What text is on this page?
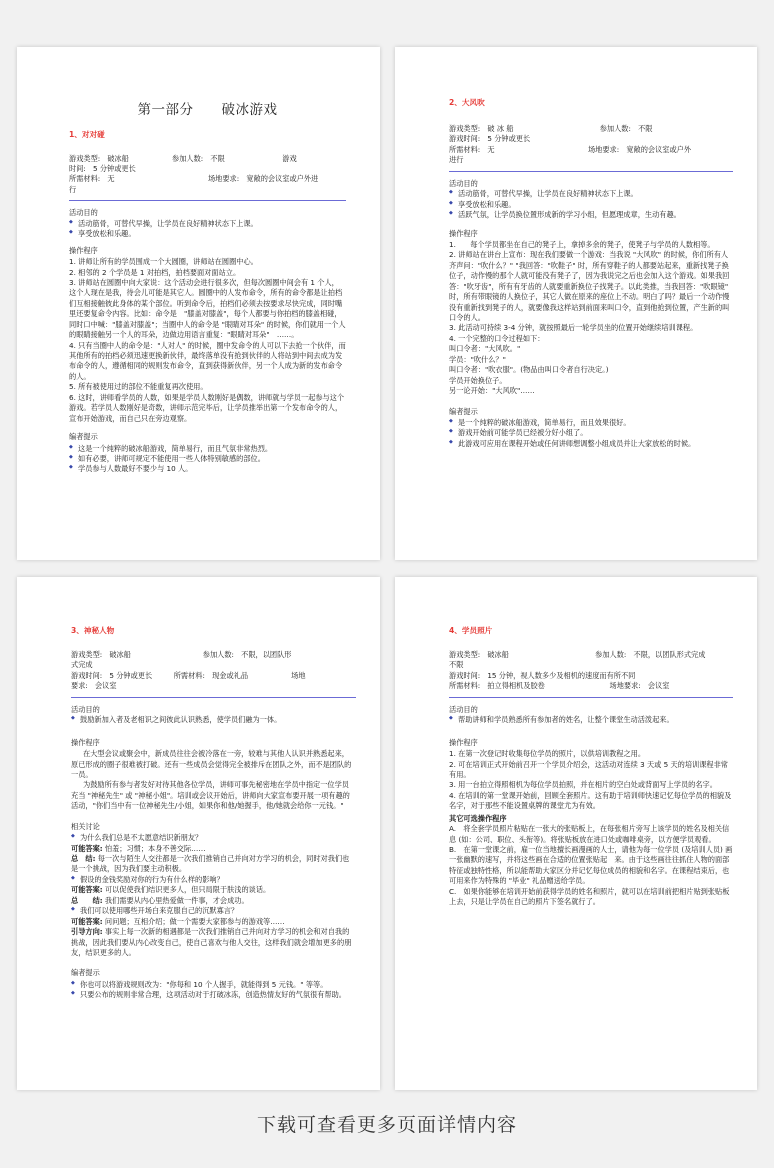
第一部分　　破冰游戏
1、对对碰
游戏类型:　破冰船　　　　　　参加人数:　不限　　　　　　　　游戏
时间:　5 分钟或更长
所需材料:　无　　　　　　　　　　　　　场地要求:　宽敞的会议室或户外进
行
活动目的
◆ 活动筋骨，可替代早操，让学员在良好精神状态下上课。
◆ 享受放松和乐趣。
操作程序
1. 讲师让所有的学员围成一个大圆圈，讲师站在圆圈中心。
2. 相邻的 2 个学员是 1 对拍档，拍档要面对面站立。
3. 讲师站在圆圈中向大家说：这个活动会进行很多次，但每次圆圈中间会有 1 个人，这个人现在是我，待会儿可能是其它人。圆圈中的人发布命令，所有的命令都是让拍档们互相接触彼此身体的某个部位。听到命令后，拍档们必须去按要求尽快完成，同时嘴里还要复命令内容。比如：命令是　"膝盖对膝盖"，每个人都要与你拍档的膝盖相碰，同时口中喊："膝盖对膝盖"；当圈中人的命令是 "眼睛对耳朵" 的时候，你们就用一个人的眼睛接触另一个人的耳朵，边做边用语言重复："眼睛对耳朵"　……。
4. 只有当圈中人的命令是："人对人" 的时候，圈中发命令的人可以下去抢一个伙伴，而其他所有的拍档必须迅速更换新伙伴，最终落单没有抢到伙伴的人将站到中间去成为发布命令的人，遵循相同的规则发布命令，直到获得新伙伴，另一个人成为新的发布命令的人。
5. 所有被使用过的部位不能重复再次使用。
6. 这时，讲师看学员的人数，如果是学员人数刚好是偶数，讲师就与学员一起参与这个游戏。若学员人数刚好是奇数，讲师示范完毕后，让学员推举出第一个发布命令的人，宣布开始游戏，而自己只在旁边观察。
编者提示
◆ 这是一个纯粹的破冰船游戏，简单易行，而且气氛非常热烈。
◆ 如有必要，讲师可规定不能使用一些人体特别敏感的部位。
◆ 学员参与人数最好不要少与 10 人。
2、大风吹
游戏类型:　破 冰 船　　　　　　　　　　　　参加人数:　不限
游戏时间:　5 分钟或更长
所需材料:　无　　　　　　　　　　　　　场地要求:　宽敞的会议室或户外
进行
活动目的
◆ 活动筋骨，可替代早操，让学员在良好精神状态下上课。
◆ 享受放松和乐趣。
◆ 活跃气氛，让学员换位置形成新的学习小组，但愿理成章，生动有趣。
操作程序
1.　　每个学员都坐在自己的凳子上，拿掉多余的凳子，使凳子与学员的人数相等。
2. 讲师站在讲台上宣布：现在我们要做一个游戏：当我说 "大风吹" 的时候，你们所有人齐声问："吹什么？" "我回答："吹鞋子" 时，所有穿鞋子的人都要站起来，重新找凳子换位子，动作慢的那个人就可能没有凳子了，因为我说完之后也会加入这个游戏。如果我回答："吹牙齿"，所有有牙齿的人就要重新换位子找凳子。以此类推，当我回答："吹眼镜" 时，所有带眼镜的人换位子，其它人做在原来的座位上不动。明白了吗？最后一个动作慢没有重新找到凳子的人，就要像我这样站到前面来叫口令，直到他抢到位置，产生新的叫口令的人。
3. 此活动可持续 3-4 分钟，就按照最后一轮学员坐的位置开始继续培训课程。
4. 一个完整的口令过程如下：
叫口令者："大风吹。"
学员："吹什么？"
叫口令者："吹衣服"。(物品由叫口令者自行决定。)
学员开始换位子。
另一论开始："大风吹"……
编者提示
◆ 是一个纯粹的破冰船游戏，简单易行，而且效果很好。
◆ 游戏开始前可能学员已经被分好小组了。
◆ 此游戏可应用在课程开始或任何讲师想调整小组成员并让大家放松的时候。
3、神秘人物
游戏类型:　破冰船　　　　　　　　　　参加人数:　不限，以团队形
式完成
游戏时间:　5 分钟或更长　　　所需材料:　现金或礼品　　　　　　场地
要求:　会议室
活动目的
◆ 鼓励新加入者及老相识之间彼此认识熟悉，使学员们融为一体。
操作程序
在大型会议或聚会中，新成员往往会被冷落在一旁，较难与其他人认识并熟悉起来，原已形成的圈子很难被打破。还有一些成员会觉得完全被排斥在团队之外，而不是团队的一员。
为鼓励所有参与者发好对待其他各位学员，讲师可事先秘密地在学员中指定一位学员充当 "神秘先生" 或 "神秘小姐"。培训或会议开始后，讲师向大家宣布要开展一项有趣的活动，"你们当中有一位神秘先生/小姐，如果你和他/她握手，他/她就会给你一元钱。"
相关讨论
◆ 为什么我们总是不太愿意结识新朋友？
可能答案: 怕羞；习惯；本身不善交际……
总　结: 每一次与陌生人交往都是一次我们推销自己并向对方学习的机会，同时对我们也是一个挑战，因为我们要主动积极。
◆ 假设的金钱奖励对你的行为有什么样的影响？
可能答案: 可以促使我们结识更多人，但只局限于肤浅的谈话。
总　　结: 我们需要从内心里热爱做一件事，才会成功。
◆ 我们可以使用哪些开场白来克服自己的沉默寡言？
可能答案: 问问题；互相介绍；做一个需要大家都参与的游戏等……
引导方向: 事实上每一次新的相遇都是一次我们推销自己并向对方学习的机会和对自我的挑战，因此我们要从内心改变自己，使自己喜欢与他人交往，这样我们就会增加更多的朋友，结识更多的人。
编者提示
◆ 你也可以将游戏规则改为："你每和 10 个人握手，就能得到 5 元钱。" 等等。
◆ 只要公布的规则非常合理，这项活动对于打破冰冻，创造热情友好的气氛很有帮助。
4、学员照片
游戏类型:　破冰船　　　　　　　　　　　　参加人数:　不限，以团队形式完成
不限
游戏时间:　15 分钟，视人数多少及相机的速度而有所不同
所需材料:　拍立得相机及胶卷　　　　　　　　　场地要求:　会议室
活动目的
◆ 帮助讲师和学员熟悉所有参加者的姓名，让整个课堂生动活泼起来。
操作程序
1. 在第一次登记时收集每位学员的照片，以供培训教程之用。
2. 可在培训正式开始前召开一个学员介绍会，这活动对连续 3 天或 5 天的培训课程非常有用。
3. 用一台拍立得照相机为每位学员拍照，并在相片的空白处或背面写上学员的名字。
4. 在培训的第一堂课开始前，回顾全套照片。这有助于培训师快速记忆每位学员的相貌及名字，对于那些不能设置桌牌的课堂尤为有效。
其它可选操作程序
A.　将全套学员照片粘贴在一张大的张贴板上，在每张相片旁写上该学员的姓名及相关信息 (如：公司、职位、头衔等)。将张贴板放在进口处或咖啡桌旁，以方便学员观看。
B.　在第一堂课之前，雇一位当地擅长画漫画的人士，请他为每一位学员 (及培训人员) 画一张幽默的速写，并将这些画在合适的位置张贴起　来。由于这些画往往抓住人物的面部特征或独特性格，所以能帮助大家区分并记忆每位成员的相貌和名字。在课程结束后，也可用来作为特殊的 "毕业" 礼品赠送给学员。
C.　如果你能够在培训开始前获得学员的姓名和照片，就可以在培训前把相片贴到张贴板上去，只是让学员在自己的照片下签名就行了。
下载可查看更多页面详情内容
